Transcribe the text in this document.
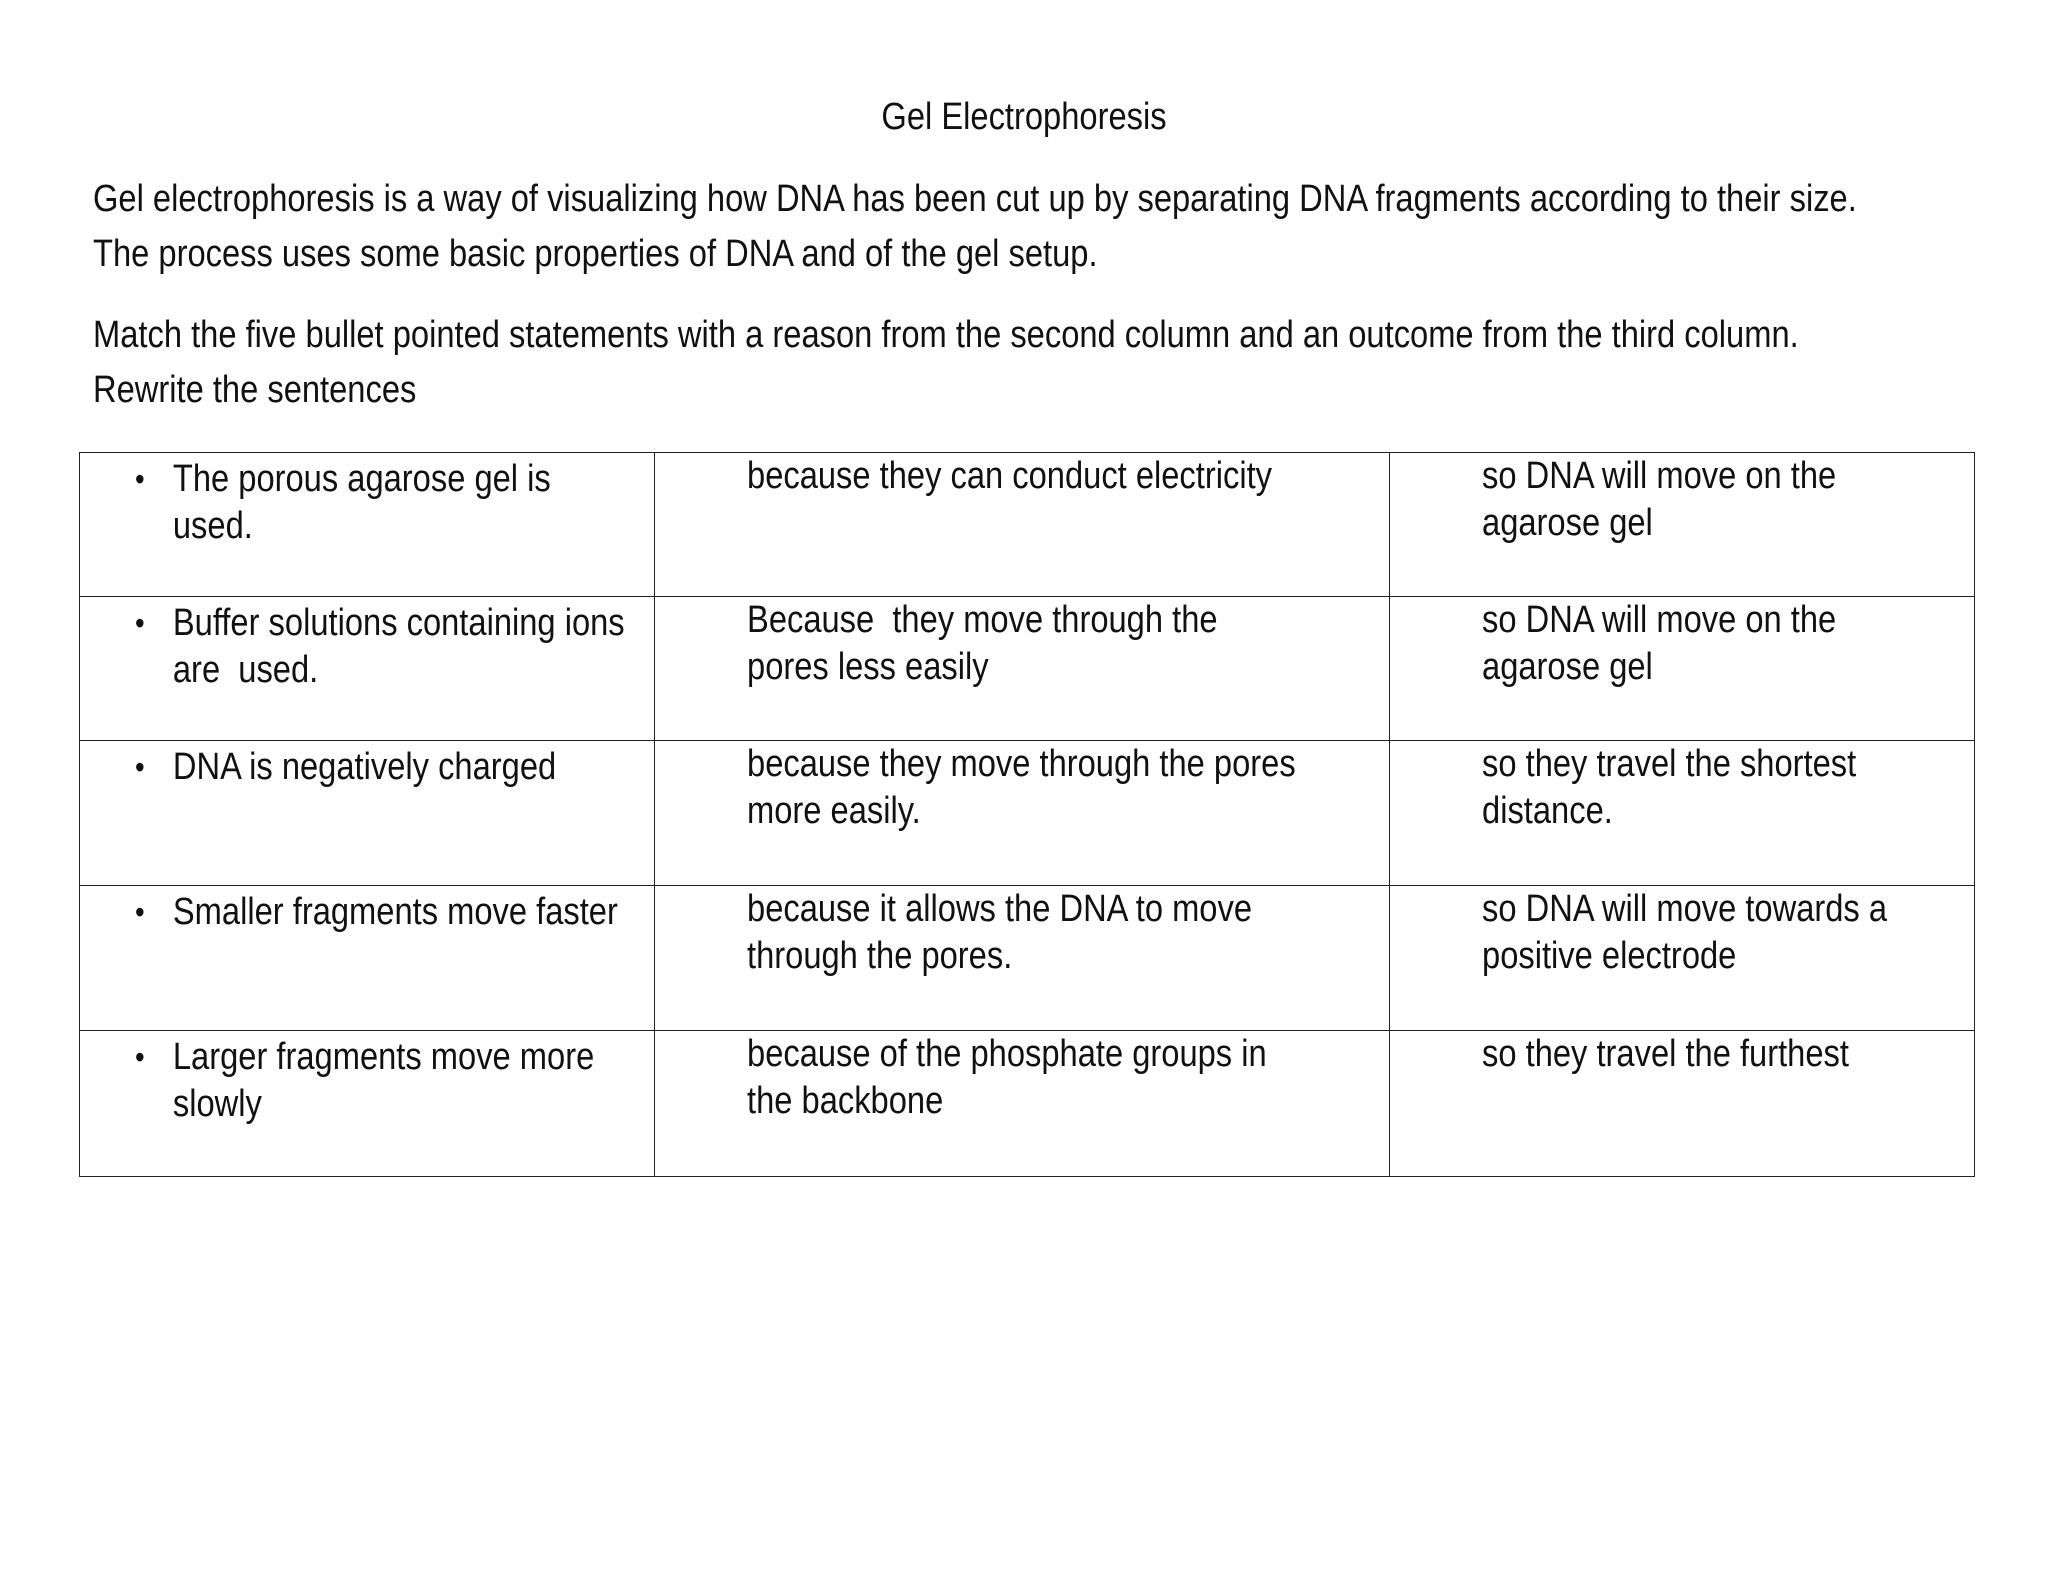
Gel Electrophoresis
Gel electrophoresis is a way of visualizing how DNA has been cut up by separating DNA fragments according to their size.
The process uses some basic properties of DNA and of the gel setup.
Match the five bullet pointed statements with a reason from the second column and an outcome from the third column.
Rewrite the sentences
• The porous agarose gel is used.	because they can conduct electricity	so DNA will move on the agarose gel

• Buffer solutions containing ions are  used.	Because  they move through the pores less easily	so DNA will move on the agarose gel

• DNA is negatively charged	because they move through the pores more easily.	so they travel the shortest distance.

• Smaller fragments move faster	because it allows the DNA to move through the pores.	so DNA will move towards a positive electrode

• Larger fragments move more slowly	because of the phosphate groups in the backbone	so they travel the furthest
